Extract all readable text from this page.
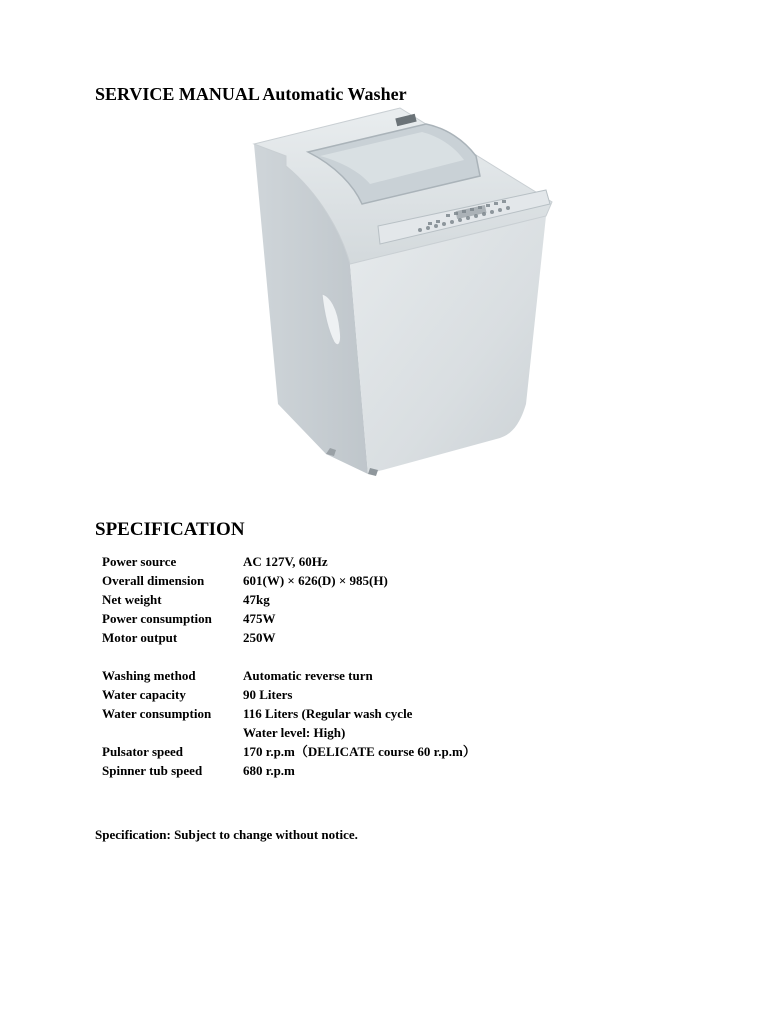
SERVICE MANUAL Automatic Washer
SPECIFICATION
Power source	AC 127V, 60Hz
Overall dimension	601(W) × 626(D) × 985(H)
Net weight	47kg
Power consumption	475W
Motor output	250W

Washing method	Automatic reverse turn
Water capacity	90 Liters
Water consumption	116 Liters (Regular wash cycle
	Water level: High)
Pulsator speed	170 r.p.m（DELICATE course 60 r.p.m）
Spinner tub speed	680 r.p.m

Specification: Subject to change without notice.
